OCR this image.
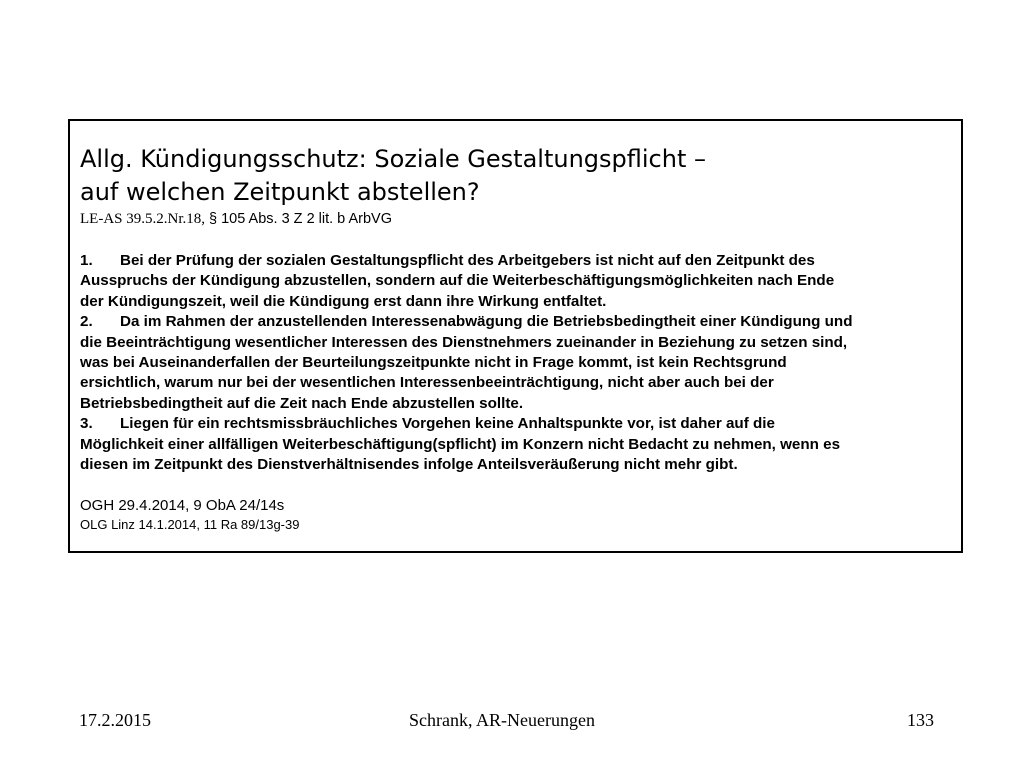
Allg. Kündigungsschutz: Soziale Gestaltungspflicht –
auf welchen Zeitpunkt abstellen?
LE-AS 39.5.2.Nr.18, § 105 Abs. 3 Z 2 lit. b ArbVG
1. Bei der Prüfung der sozialen Gestaltungspflicht des Arbeitgebers ist nicht auf den Zeitpunkt des
Ausspruchs der Kündigung abzustellen, sondern auf die Weiterbeschäftigungsmöglichkeiten nach Ende
der Kündigungszeit, weil die Kündigung erst dann ihre Wirkung entfaltet.
2. Da im Rahmen der anzustellenden Interessenabwägung die Betriebsbedingtheit einer Kündigung und
die Beeinträchtigung wesentlicher Interessen des Dienstnehmers zueinander in Beziehung zu setzen sind,
was bei Auseinanderfallen der Beurteilungszeitpunkte nicht in Frage kommt, ist kein Rechtsgrund
ersichtlich, warum nur bei der wesentlichen Interessenbeeinträchtigung, nicht aber auch bei der
Betriebsbedingtheit auf die Zeit nach Ende abzustellen sollte.
3. Liegen für ein rechtsmissbräuchliches Vorgehen keine Anhaltspunkte vor, ist daher auf die
Möglichkeit einer allfälligen Weiterbeschäftigung(spflicht) im Konzern nicht Bedacht zu nehmen, wenn es
diesen im Zeitpunkt des Dienstverhältnisendes infolge Anteilsveräußerung nicht mehr gibt.
OGH 29.4.2014, 9 ObA 24/14s
OLG Linz 14.1.2014, 11 Ra 89/13g-39
17.2.2015	Schrank, AR-Neuerungen	133
